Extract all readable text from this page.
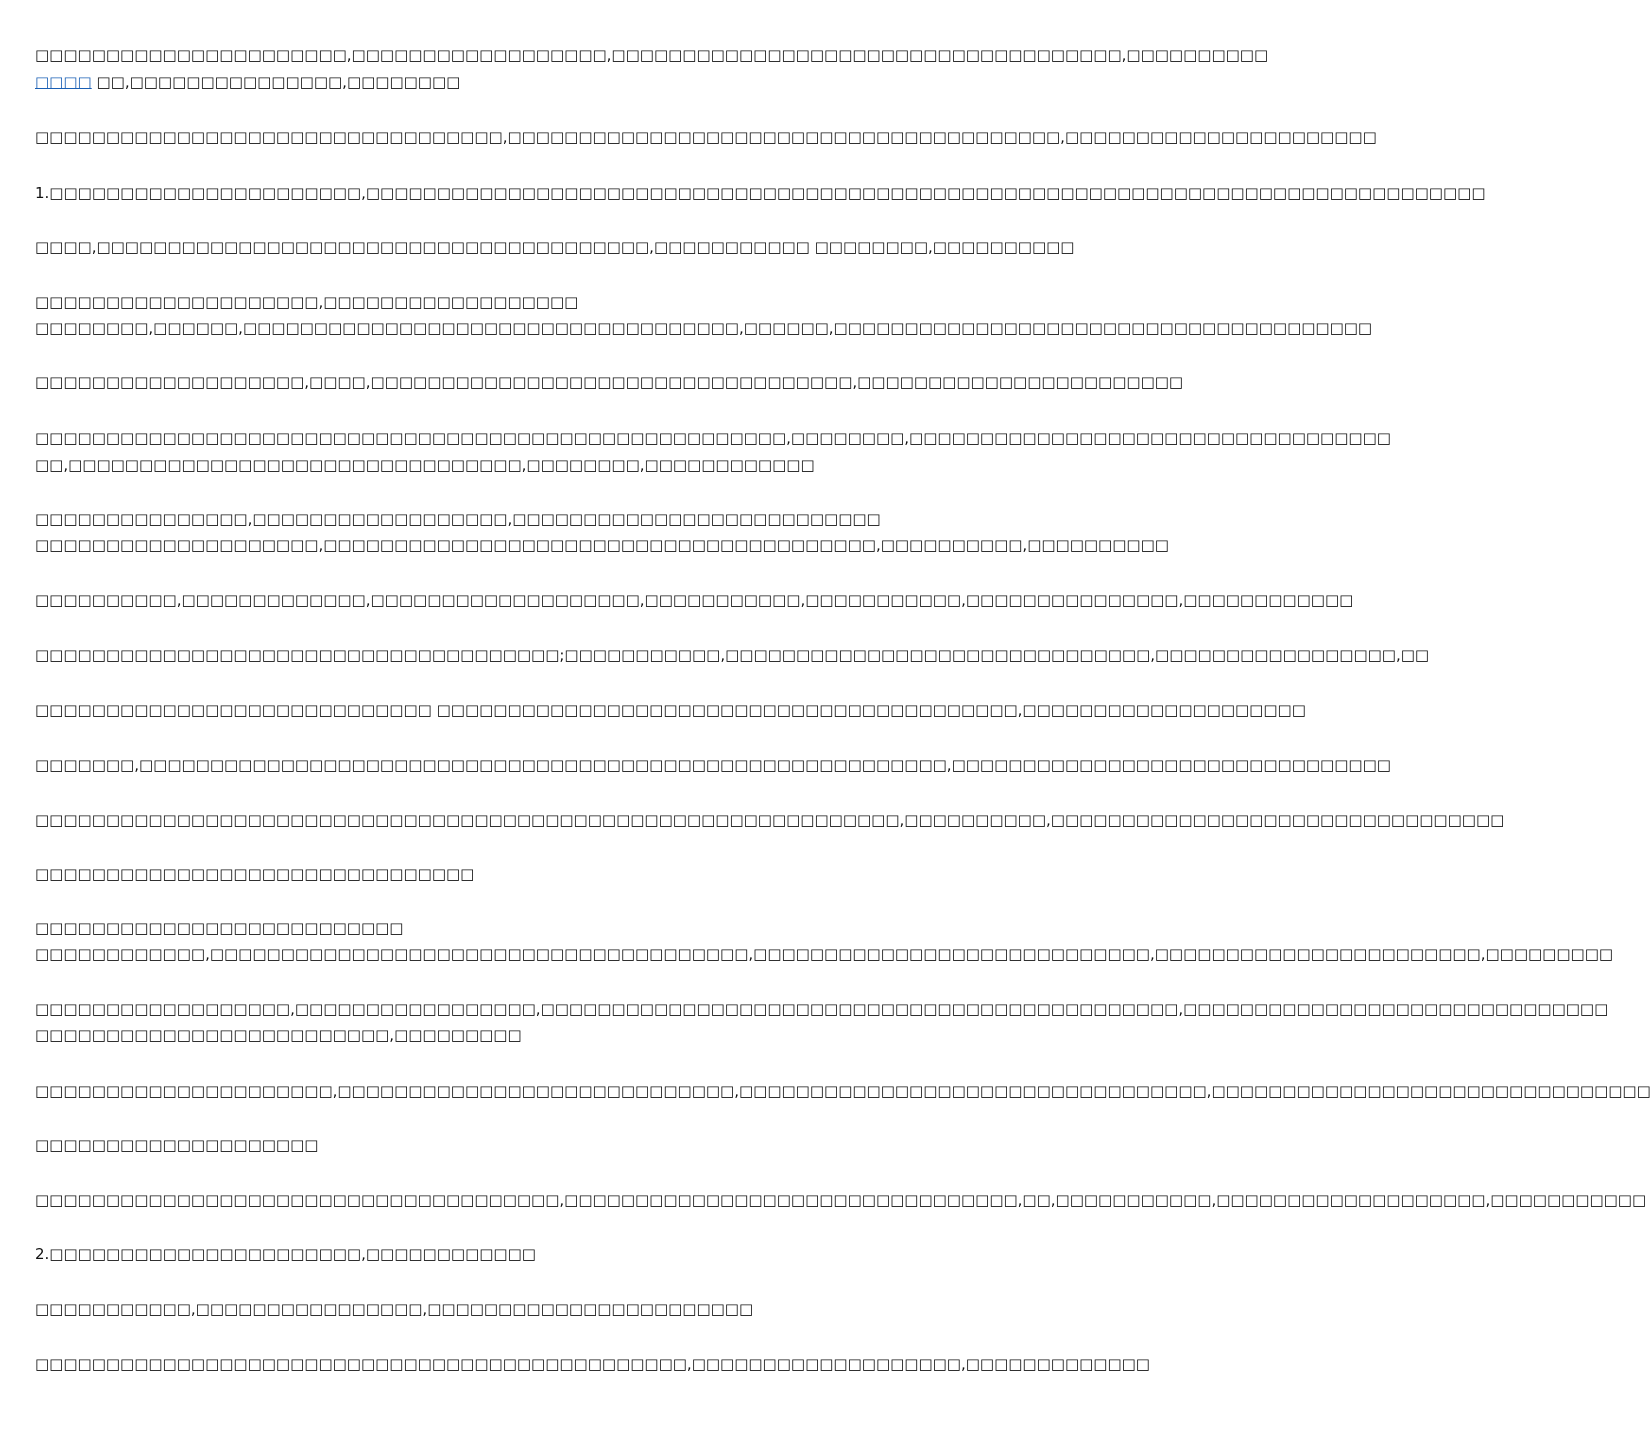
□□□□□□□□□□□□□□□□□□□□□□,□□□□□□□□□□□□□□□□□□,□□□□□□□□□□□□□□□□□□□□□□□□□□□□□□□□□□□□,□□□□□□□□□□
□□□□ □□,□□□□□□□□□□□□□□□,□□□□□□□□
□□□□□□□□□□□□□□□□□□□□□□□□□□□□□□□□□,□□□□□□□□□□□□□□□□□□□□□□□□□□□□□□□□□□□□□□□,□□□□□□□□□□□□□□□□□□□□□□
1.□□□□□□□□□□□□□□□□□□□□□□,□□□□□□□□□□□□□□□□□□□□□□□□□□□□□□□□□□□□□□□□□□□□□□□□□□□□□□□□□□□□□□□□□□□□□□□□□□□□□□□
□□□□,□□□□□□□□□□□□□□□□□□□□□□□□□□□□□□□□□□□□□□□,□□□□□□□□□□□ □□□□□□□□,□□□□□□□□□□
□□□□□□□□□□□□□□□□□□□□,□□□□□□□□□□□□□□□□□□
□□□□□□□□,□□□□□□,□□□□□□□□□□□□□□□□□□□□□□□□□□□□□□□□□□□,□□□□□□,□□□□□□□□□□□□□□□□□□□□□□□□□□□□□□□□□□□□□□
□□□□□□□□□□□□□□□□□□□,□□□□,□□□□□□□□□□□□□□□□□□□□□□□□□□□□□□□□□□,□□□□□□□□□□□□□□□□□□□□□□□
□□□□□□□□□□□□□□□□□□□□□□□□□□□□□□□□□□□□□□□□□□□□□□□□□□□□□,□□□□□□□□,□□□□□□□□□□□□□□□□□□□□□□□□□□□□□□□□□□
□□,□□□□□□□□□□□□□□□□□□□□□□□□□□□□□□□□,□□□□□□□□,□□□□□□□□□□□□
□□□□□□□□□□□□□□□,□□□□□□□□□□□□□□□□□□,□□□□□□□□□□□□□□□□□□□□□□□□□□
□□□□□□□□□□□□□□□□□□□□,□□□□□□□□□□□□□□□□□□□□□□□□□□□□□□□□□□□□□□□,□□□□□□□□□□,□□□□□□□□□□
□□□□□□□□□□,□□□□□□□□□□□□□,□□□□□□□□□□□□□□□□□□□,□□□□□□□□□□□,□□□□□□□□□□□,□□□□□□□□□□□□□□□,□□□□□□□□□□□□
□□□□□□□□□□□□□□□□□□□□□□□□□□□□□□□□□□□□□;□□□□□□□□□□□,□□□□□□□□□□□□□□□□□□□□□□□□□□□□□□,□□□□□□□□□□□□□□□□□,□□
□□□□□□□□□□□□□□□□□□□□□□□□□□□□ □□□□□□□□□□□□□□□□□□□□□□□□□□□□□□□□□□□□□□□□□,□□□□□□□□□□□□□□□□□□□□
□□□□□□□,□□□□□□□□□□□□□□□□□□□□□□□□□□□□□□□□□□□□□□□□□□□□□□□□□□□□□□□□□,□□□□□□□□□□□□□□□□□□□□□□□□□□□□□□□
□□□□□□□□□□□□□□□□□□□□□□□□□□□□□□□□□□□□□□□□□□□□□□□□□□□□□□□□□□□□□,□□□□□□□□□□,□□□□□□□□□□□□□□□□□□□□□□□□□□□□□□□□
□□□□□□□□□□□□□□□□□□□□□□□□□□□□□□□
□□□□□□□□□□□□□□□□□□□□□□□□□□
□□□□□□□□□□□□,□□□□□□□□□□□□□□□□□□□□□□□□□□□□□□□□□□□□□□,□□□□□□□□□□□□□□□□□□□□□□□□□□□□,□□□□□□□□□□□□□□□□□□□□□□□,□□□□□□□□□
□□□□□□□□□□□□□□□□□□,□□□□□□□□□□□□□□□□□,□□□□□□□□□□□□□□□□□□□□□□□□□□□□□□□□□□□□□□□□□□□□□,□□□□□□□□□□□□□□□□□□□□□□□□□□□□□□
□□□□□□□□□□□□□□□□□□□□□□□□□,□□□□□□□□□
□□□□□□□□□□□□□□□□□□□□□,□□□□□□□□□□□□□□□□□□□□□□□□□□□□,□□□□□□□□□□□□□□□□□□□□□□□□□□□□□□□□□,□□□□□□□□□□□□□□□□□□□□□□□□□□□□□□□
□□□□□□□□□□□□□□□□□□□□
□□□□□□□□□□□□□□□□□□□□□□□□□□□□□□□□□□□□□,□□□□□□□□□□□□□□□□□□□□□□□□□□□□□□□□,□□,□□□□□□□□□□□,□□□□□□□□□□□□□□□□□□□,□□□□□□□□□□□
2.□□□□□□□□□□□□□□□□□□□□□□,□□□□□□□□□□□□
□□□□□□□□□□□,□□□□□□□□□□□□□□□□,□□□□□□□□□□□□□□□□□□□□□□□
□□□□□□□□□□□□□□□□□□□□□□□□□□□□□□□□□□□□□□□□□□□□□□,□□□□□□□□□□□□□□□□□□□,□□□□□□□□□□□□□
